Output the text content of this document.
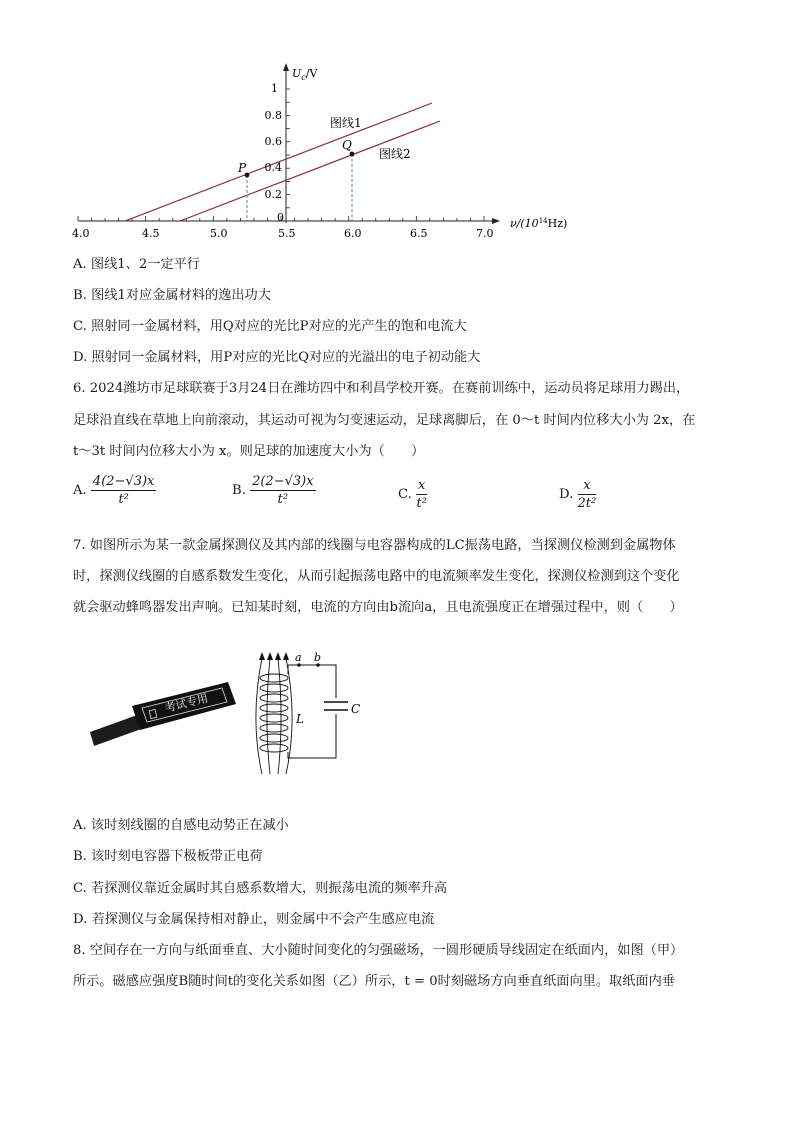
$U_c/V$
$\nu/(10^{14}Hz)$
P
Q
图线1
图线2
4.0	4.5	5.0	5.5	6.0	6.5	7.0
1
0.8
0.6
0.4
0.2
0
A. 图线1、2一定平行
B. 图线1对应金属材料的逸出功大
C. 照射同一金属材料，用Q对应的光比P对应的光产生的饱和电流大
D. 照射同一金属材料，用P对应的光比Q对应的光溢出的电子初动能大
6. 2024潍坊市足球联赛于3月24日在潍坊四中和利昌学校开赛。在赛前训练中，运动员将足球用力踢出，
足球沿直线在草地上向前滚动，其运动可视为匀变速运动，足球离脚后，在 0～t 时间内位移大小为 2x，在
t～3t 时间内位移大小为 x。则足球的加速度大小为（　　）
A. $\frac{4(2-√3)x}{\text{t²}}$	B. $\frac{2(2-√3)x}{\text{t²}}$	C. $\frac{x}{\text{t²}}$	D. $\frac{x}{\text{2t²}}$
7. 如图所示为某一款金属探测仪及其内部的线圈与电容器构成的LC振荡电路，当探测仪检测到金属物体
时，探测仪线圈的自感系数发生变化，从而引起振荡电路中的电流频率发生变化，探测仪检测到这个变化
就会驱动蜂鸣器发出声响。已知某时刻，电流的方向由b流向a，且电流强度正在增强过程中，则（　　）
考试专用
a b
L
C
A. 该时刻线圈的自感电动势正在减小
B. 该时刻电容器下极板带正电荷
C. 若探测仪靠近金属时其自感系数增大，则振荡电流的频率升高
D. 若探测仪与金属保持相对静止，则金属中不会产生感应电流
8. 空间存在一方向与纸面垂直、大小随时间变化的匀强磁场，一圆形硬质导线固定在纸面内，如图（甲）
所示。磁感应强度B随时间t的变化关系如图（乙）所示，t = 0时刻磁场方向垂直纸面向里。取纸面内垂
